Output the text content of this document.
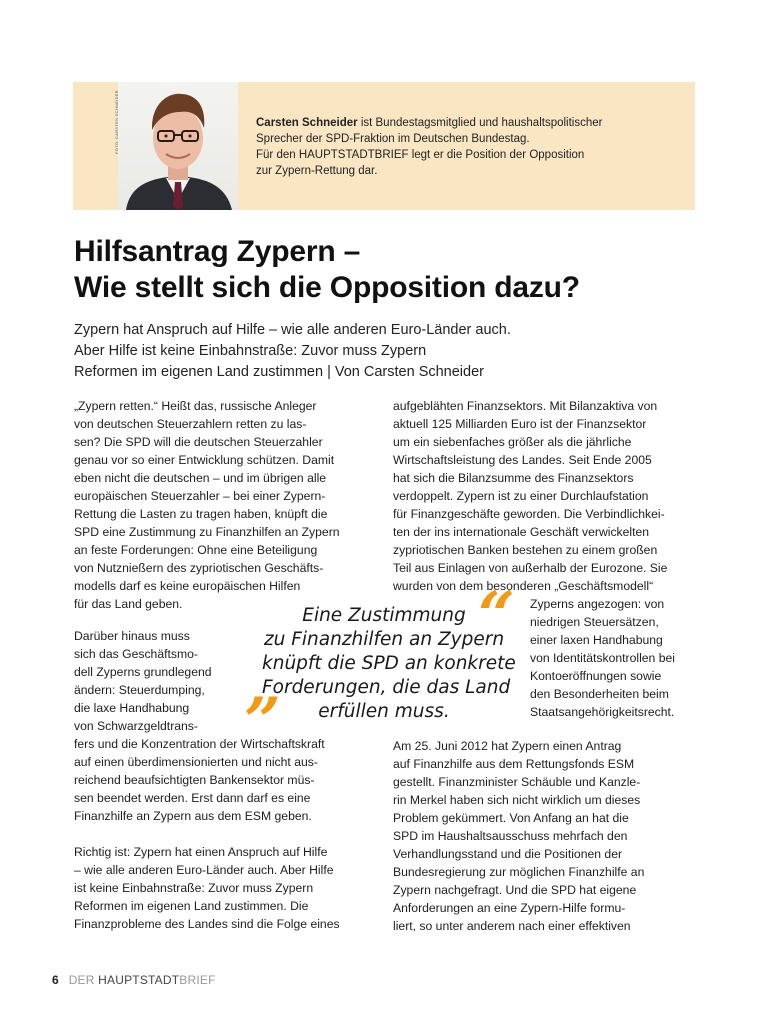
FOTO: CARSTEN SCHNEIDER	Carsten Schneider ist Bundestagsmitglied und haushaltspolitischer
Sprecher der SPD-Fraktion im Deutschen Bundestag.
Für den HAUPTSTADTBRIEF legt er die Position der Opposition
zur Zypern-Rettung dar.
Hilfsantrag Zypern –
Wie stellt sich die Opposition dazu?
Zypern hat Anspruch auf Hilfe – wie alle anderen Euro-Länder auch.
Aber Hilfe ist keine Einbahnstraße: Zuvor muss Zypern
Reformen im eigenen Land zustimmen | Von Carsten Schneider
„Zypern retten.“ Heißt das, russische Anleger
von deutschen Steuerzahlern retten zu las-
sen? Die SPD will die deutschen Steuerzahler
genau vor so einer Entwicklung schützen. Damit
eben nicht die deutschen – und im übrigen alle
europäischen Steuerzahler – bei einer Zypern-
Rettung die Lasten zu tragen haben, knüpft die
SPD eine Zustimmung zu Finanzhilfen an Zypern
an feste Forderungen: Ohne eine Beteiligung
von Nutznießern des zypriotischen Geschäfts-
modells darf es keine europäischen Hilfen
für das Land geben.
Darüber hinaus muss
sich das Geschäftsmo-
dell Zyperns grundlegend
ändern: Steuerdumping,
die laxe Handhabung
von Schwarzgeldtrans-
fers und die Konzentration der Wirtschaftskraft
auf einen überdimensionierten und nicht aus-
reichend beaufsichtigten Bankensektor müs-
sen beendet werden. Erst dann darf es eine
Finanzhilfe an Zypern aus dem ESM geben.
Richtig ist: Zypern hat einen Anspruch auf Hilfe
– wie alle anderen Euro-Länder auch. Aber Hilfe
ist keine Einbahnstraße: Zuvor muss Zypern
Reformen im eigenen Land zustimmen. Die
Finanzprobleme des Landes sind die Folge eines
aufgeblähten Finanzsektors. Mit Bilanzaktiva von
aktuell 125 Milliarden Euro ist der Finanzsektor
um ein siebenfaches größer als die jährliche
Wirtschaftsleistung des Landes. Seit Ende 2005
hat sich die Bilanzsumme des Finanzsektors
verdoppelt. Zypern ist zu einer Durchlaufstation
für Finanzgeschäfte geworden. Die Verbindlichkei-
ten der ins internationale Geschäft verwickelten
zypriotischen Banken bestehen zu einem großen
Teil aus Einlagen von außerhalb der Eurozone. Sie
wurden von dem besonderen „Geschäftsmodell“
Zyperns angezogen: von
niedrigen Steuersätzen,
einer laxen Handhabung
von Identitätskontrollen bei
Kontoeröffnungen sowie
den Besonderheiten beim
Staatsangehörigkeitsrecht.
Am 25. Juni 2012 hat Zypern einen Antrag
auf Finanzhilfe aus dem Rettungsfonds ESM
gestellt. Finanzminister Schäuble und Kanzle-
rin Merkel haben sich nicht wirklich um dieses
Problem gekümmert. Von Anfang an hat die
SPD im Haushaltsausschuss mehrfach den
Verhandlungsstand und die Positionen der
Bundesregierung zur möglichen Finanzhilfe an
Zypern nachgefragt. Und die SPD hat eigene
Anforderungen an eine Zypern-Hilfe formu-
liert, so unter anderem nach einer effektiven
“
Eine Zustimmung
zu Finanzhilfen an Zypern
knüpft die SPD an konkrete
Forderungen, die das Land
erfüllen muss.
”
6 DER HAUPTSTADTBRIEF
